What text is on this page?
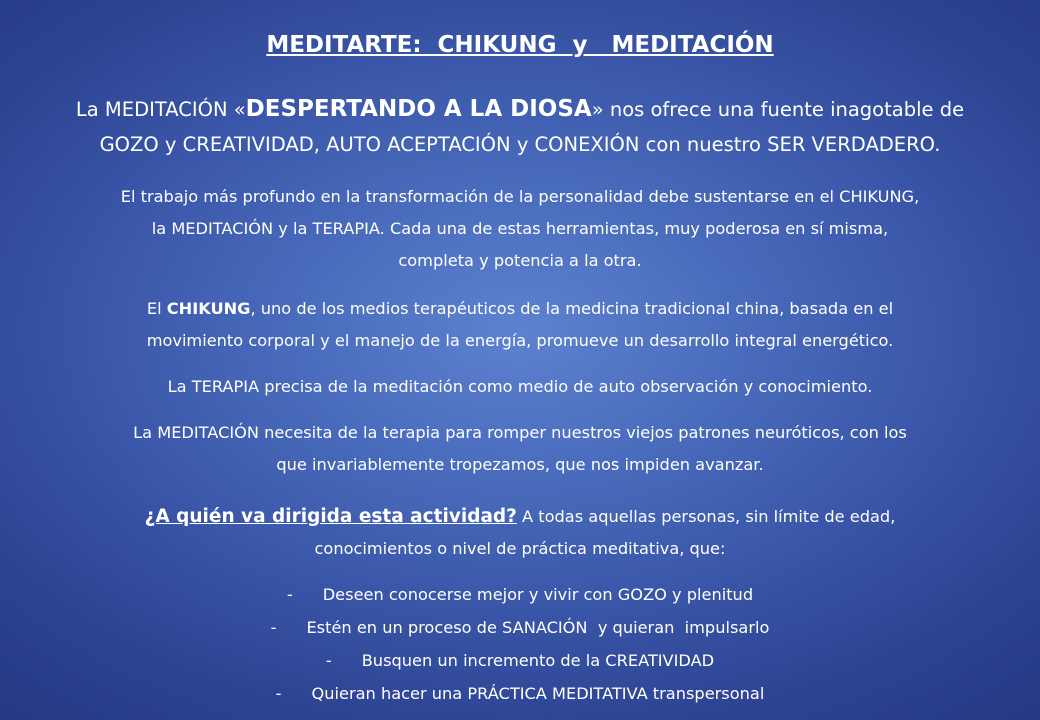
MEDITARTE:  CHIKUNG  y   MEDITACIÓN
La MEDITACIÓN «DESPERTANDO A LA DIOSA» nos ofrece una fuente inagotable de
GOZO y CREATIVIDAD, AUTO ACEPTACIÓN y CONEXIÓN con nuestro SER VERDADERO.
El trabajo más profundo en la transformación de la personalidad debe sustentarse en el CHIKUNG,
la MEDITACIÓN y la TERAPIA. Cada una de estas herramientas, muy poderosa en sí misma,
completa y potencia a la otra.
El CHIKUNG, uno de los medios terapéuticos de la medicina tradicional china, basada en el
movimiento corporal y el manejo de la energía, promueve un desarrollo integral energético.
La TERAPIA precisa de la meditación como medio de auto observación y conocimiento.
La MEDITACIÓN necesita de la terapia para romper nuestros viejos patrones neuróticos, con los
que invariablemente tropezamos, que nos impiden avanzar.
¿A quién va dirigida esta actividad? A todas aquellas personas, sin límite de edad,
conocimientos o nivel de práctica meditativa, que:
- Deseen conocerse mejor y vivir con GOZO y plenitud
- Estén en un proceso de SANACIÓN  y quieran  impulsarlo
- Busquen un incremento de la CREATIVIDAD
- Quieran hacer una PRÁCTICA MEDITATIVA transpersonal
